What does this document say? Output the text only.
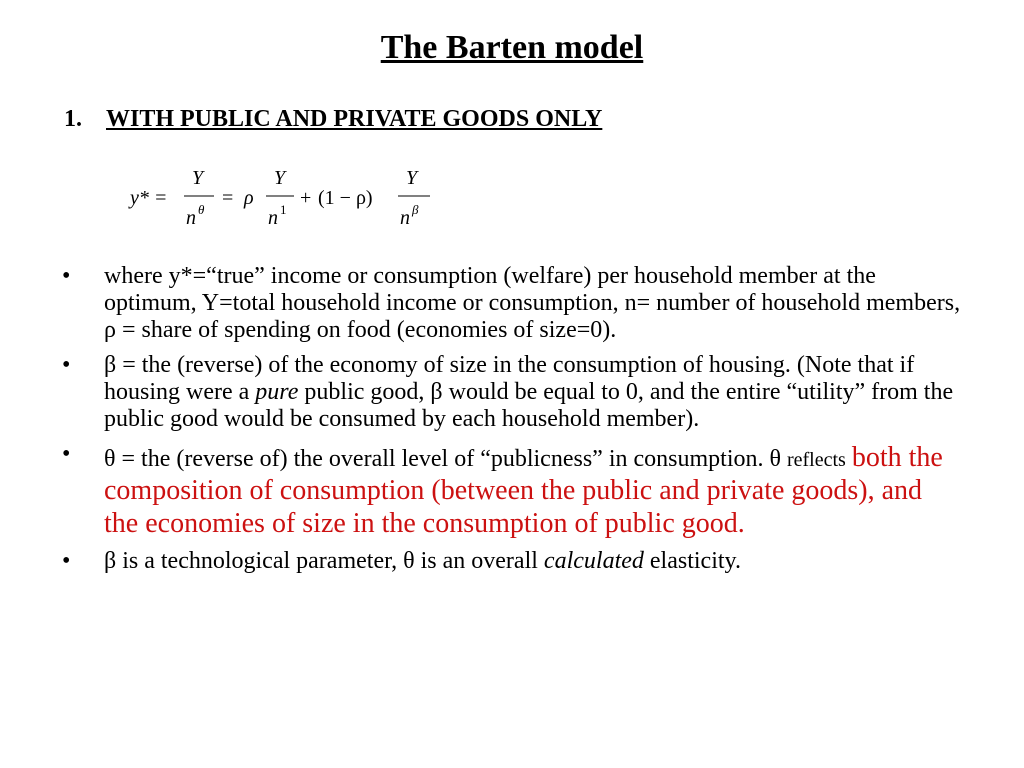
The Barten model
1. WITH PUBLIC AND PRIVATE GOODS ONLY
y* =
Y
n θ
= ρ
Y
n 1
+ (1 − ρ)
Y
n β
•	where y*=“true” income or consumption (welfare) per household member at the optimum, Y=total household income or consumption, n= number of household members, ρ = share of spending on food (economies of size=0).
•	β = the (reverse) of the economy of size in the consumption of housing. (Note that if housing were a pure public good, β would be equal to 0, and the entire “utility” from the public good would be consumed by each household member).
•	θ = the (reverse of) the overall level of “publicness” in consumption. θ reflects both the composition of consumption (between the public and private goods), and the economies of size in the consumption of public good.
•	β is a technological parameter, θ is an overall calculated elasticity.
